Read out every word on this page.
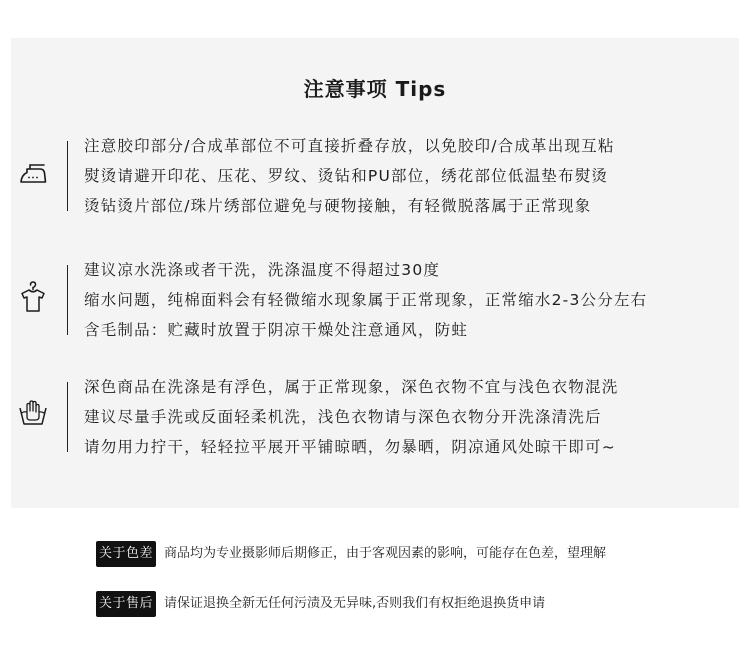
注意事项 Tips
注意胶印部分/合成革部位不可直接折叠存放，以免胶印/合成革出现互粘
熨烫请避开印花、压花、罗纹、烫钻和PU部位，绣花部位低温垫布熨烫
烫钻烫片部位/珠片绣部位避免与硬物接触，有轻微脱落属于正常现象
建议凉水洗涤或者干洗，洗涤温度不得超过30度
缩水问题，纯棉面料会有轻微缩水现象属于正常现象，正常缩水2-3公分左右
含毛制品：贮藏时放置于阴凉干燥处注意通风，防蛀
深色商品在洗涤是有浮色，属于正常现象，深色衣物不宜与浅色衣物混洗
建议尽量手洗或反面轻柔机洗，浅色衣物请与深色衣物分开洗涤清洗后
请勿用力拧干，轻轻拉平展开平铺晾晒，勿暴晒，阴凉通风处晾干即可~
关于色差 商品均为专业摄影师后期修正，由于客观因素的影响，可能存在色差，望理解
关于售后 请保证退换全新无任何污渍及无异味,否则我们有权拒绝退换货申请
